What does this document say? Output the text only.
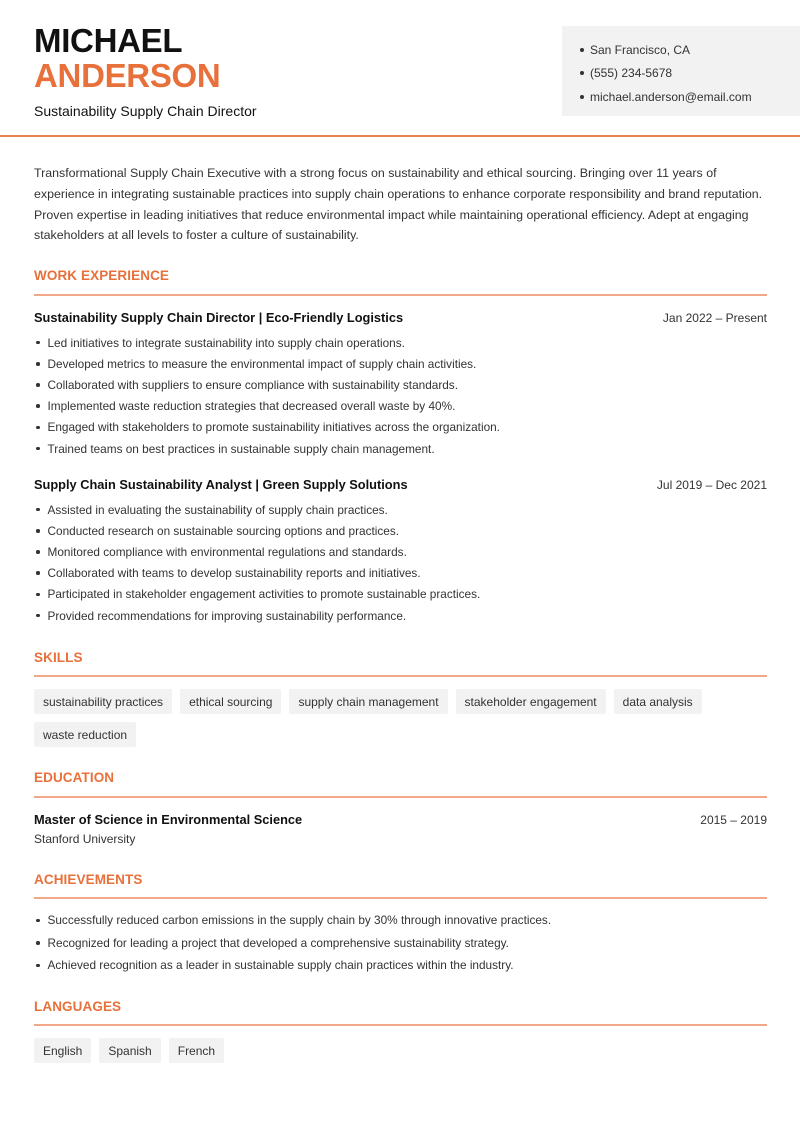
MICHAEL
ANDERSON
Sustainability Supply Chain Director
San Francisco, CA
(555) 234-5678
michael.anderson@email.com

Transformational Supply Chain Executive with a strong focus on sustainability and ethical sourcing. Bringing over 11 years of experience in integrating sustainable practices into supply chain operations to enhance corporate responsibility and brand reputation. Proven expertise in leading initiatives that reduce environmental impact while maintaining operational efficiency. Adept at engaging stakeholders at all levels to foster a culture of sustainability.

WORK EXPERIENCE
Sustainability Supply Chain Director | Eco-Friendly Logistics	Jan 2022 – Present
Led initiatives to integrate sustainability into supply chain operations.
Developed metrics to measure the environmental impact of supply chain activities.
Collaborated with suppliers to ensure compliance with sustainability standards.
Implemented waste reduction strategies that decreased overall waste by 40%.
Engaged with stakeholders to promote sustainability initiatives across the organization.
Trained teams on best practices in sustainable supply chain management.
Supply Chain Sustainability Analyst | Green Supply Solutions	Jul 2019 – Dec 2021
Assisted in evaluating the sustainability of supply chain practices.
Conducted research on sustainable sourcing options and practices.
Monitored compliance with environmental regulations and standards.
Collaborated with teams to develop sustainability reports and initiatives.
Participated in stakeholder engagement activities to promote sustainable practices.
Provided recommendations for improving sustainability performance.
SKILLS
sustainability practices	ethical sourcing	supply chain management	stakeholder engagement	data analysis
waste reduction
EDUCATION
Master of Science in Environmental Science	2015 – 2019
Stanford University
ACHIEVEMENTS
Successfully reduced carbon emissions in the supply chain by 30% through innovative practices.
Recognized for leading a project that developed a comprehensive sustainability strategy.
Achieved recognition as a leader in sustainable supply chain practices within the industry.
LANGUAGES
English	Spanish	French
